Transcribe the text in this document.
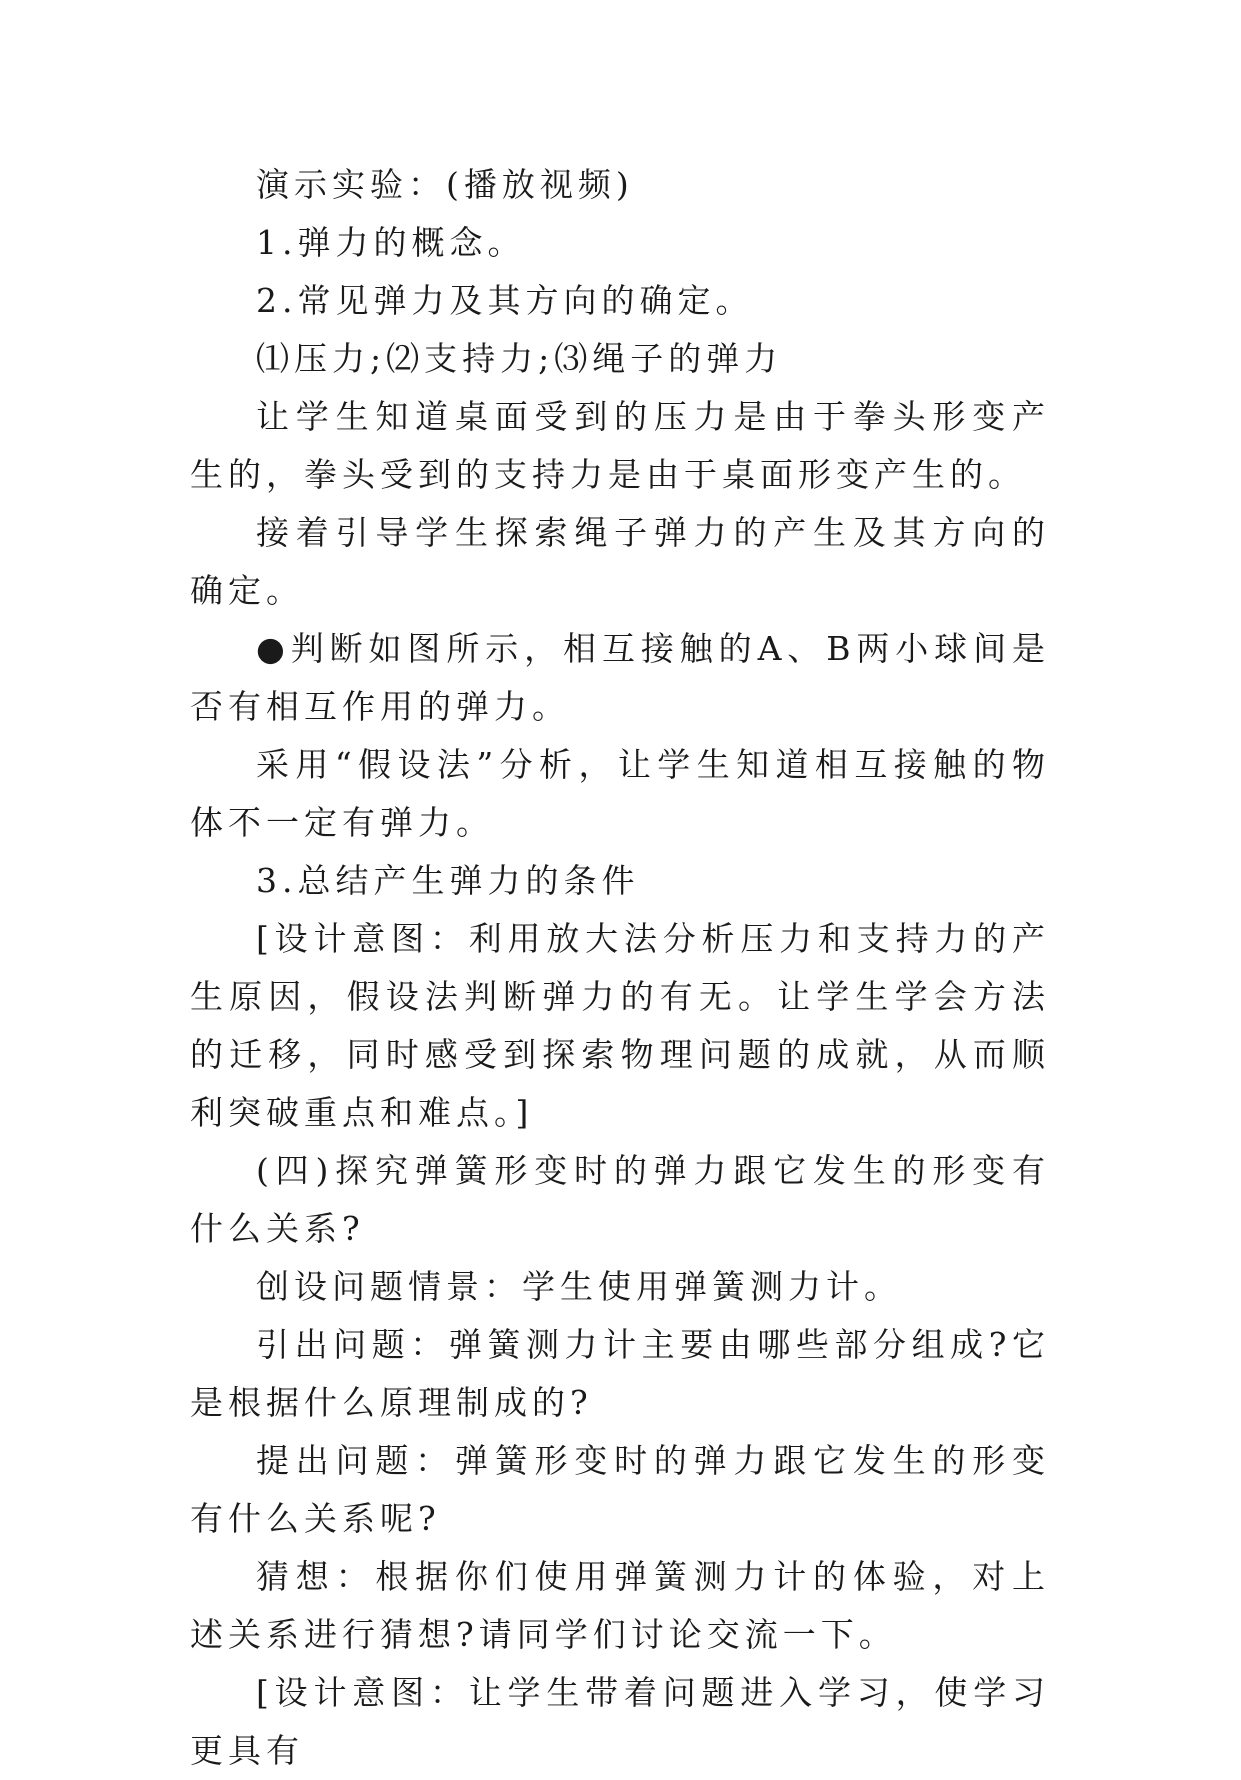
演示实验：(播放视频)

1.弹力的概念。

2.常见弹力及其方向的确定。

⑴压力;⑵支持力;⑶绳子的弹力

让学生知道桌面受到的压力是由于拳头形变产生的，拳头受到的支持力是由于桌面形变产生的。

接着引导学生探索绳子弹力的产生及其方向的确定。

●判断如图所示，相互接触的A、B两小球间是否有相互作用的弹力。

采用“假设法”分析，让学生知道相互接触的物体不一定有弹力。

3.总结产生弹力的条件

[设计意图：利用放大法分析压力和支持力的产生原因，假设法判断弹力的有无。让学生学会方法的迁移，同时感受到探索物理问题的成就，从而顺利突破重点和难点。]

(四)探究弹簧形变时的弹力跟它发生的形变有什么关系?

创设问题情景：学生使用弹簧测力计。

引出问题：弹簧测力计主要由哪些部分组成?它是根据什么原理制成的?

提出问题：弹簧形变时的弹力跟它发生的形变有什么关系呢?

猜想：根据你们使用弹簧测力计的体验，对上述关系进行猜想?请同学们讨论交流一下。

[设计意图：让学生带着问题进入学习，使学习更具有
